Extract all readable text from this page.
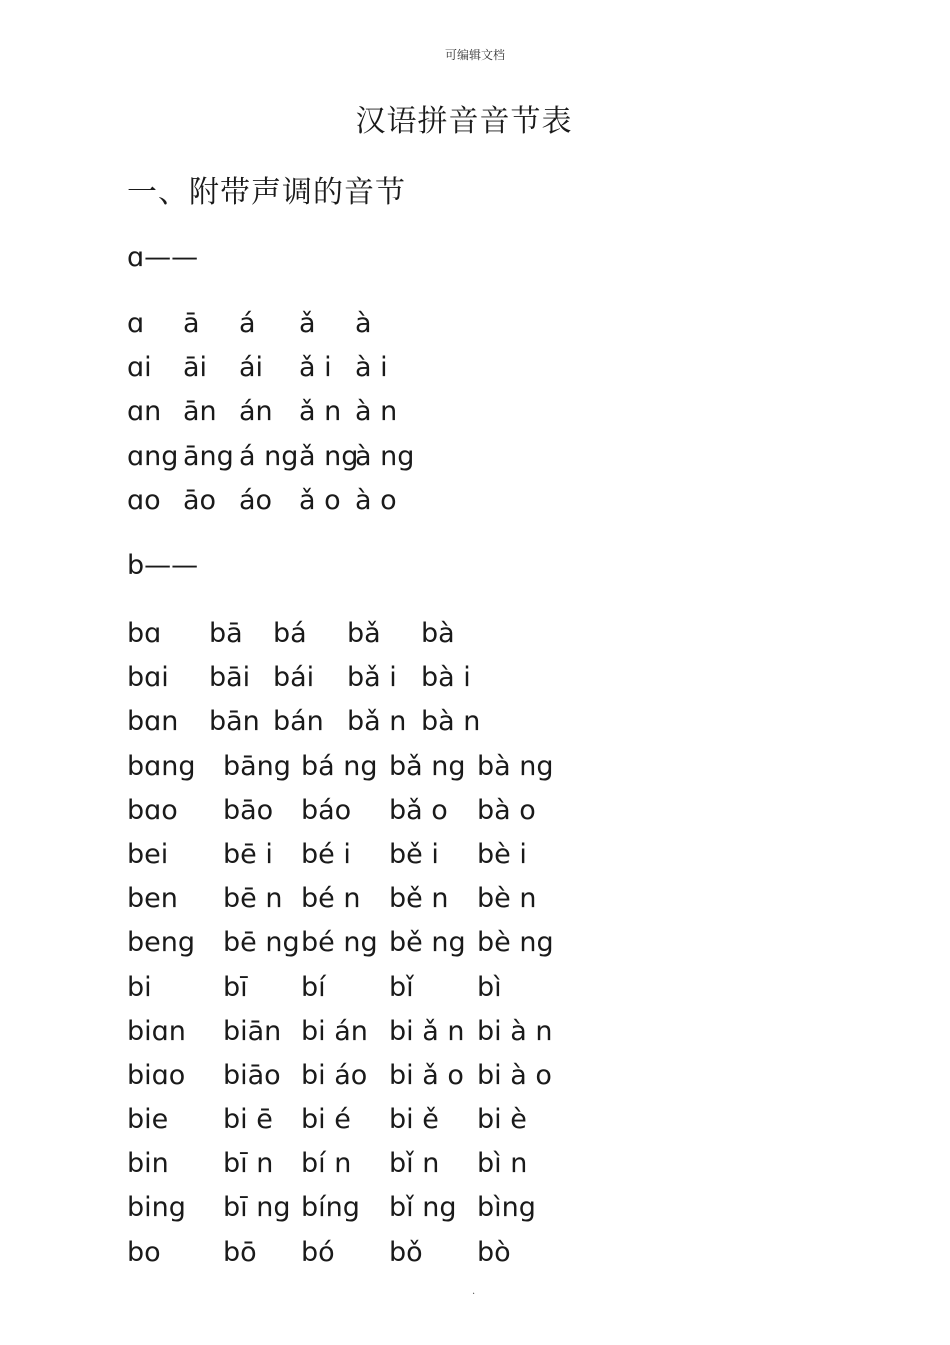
可编辑文档
汉语拼音音节表
一、附带声调的音节
ɑ——
ɑ ā á ǎ à
ɑi āi ái ǎ i à i
ɑn ān án ǎ n à n
ɑng āng á ng ǎ ng
à ng
ɑo āo áo ǎ o à o
b——
bɑ bā bá bǎ bà
bɑi bāi bái bǎ i bà i
bɑn bān bán bǎ n bà n
bɑng bāng bá ng bǎ ng bà ng
bɑo bāo báo bǎ o bà o
bei bē i bé i bě i bè i
ben bē n bé n bě n bè n
beng bē ng bé ng bě ng bè ng
bi	bī bí bǐ bì
biɑn biān bi án bi ǎ n bi à n
biɑo biāo bi áo bi ǎ o bi à o
bie bi ē bi é bi ě bi è
bin bī n bí n bǐ n bì n
bing bī ng bíng bǐ ng bìng
bo bō bó bǒ bò
.
